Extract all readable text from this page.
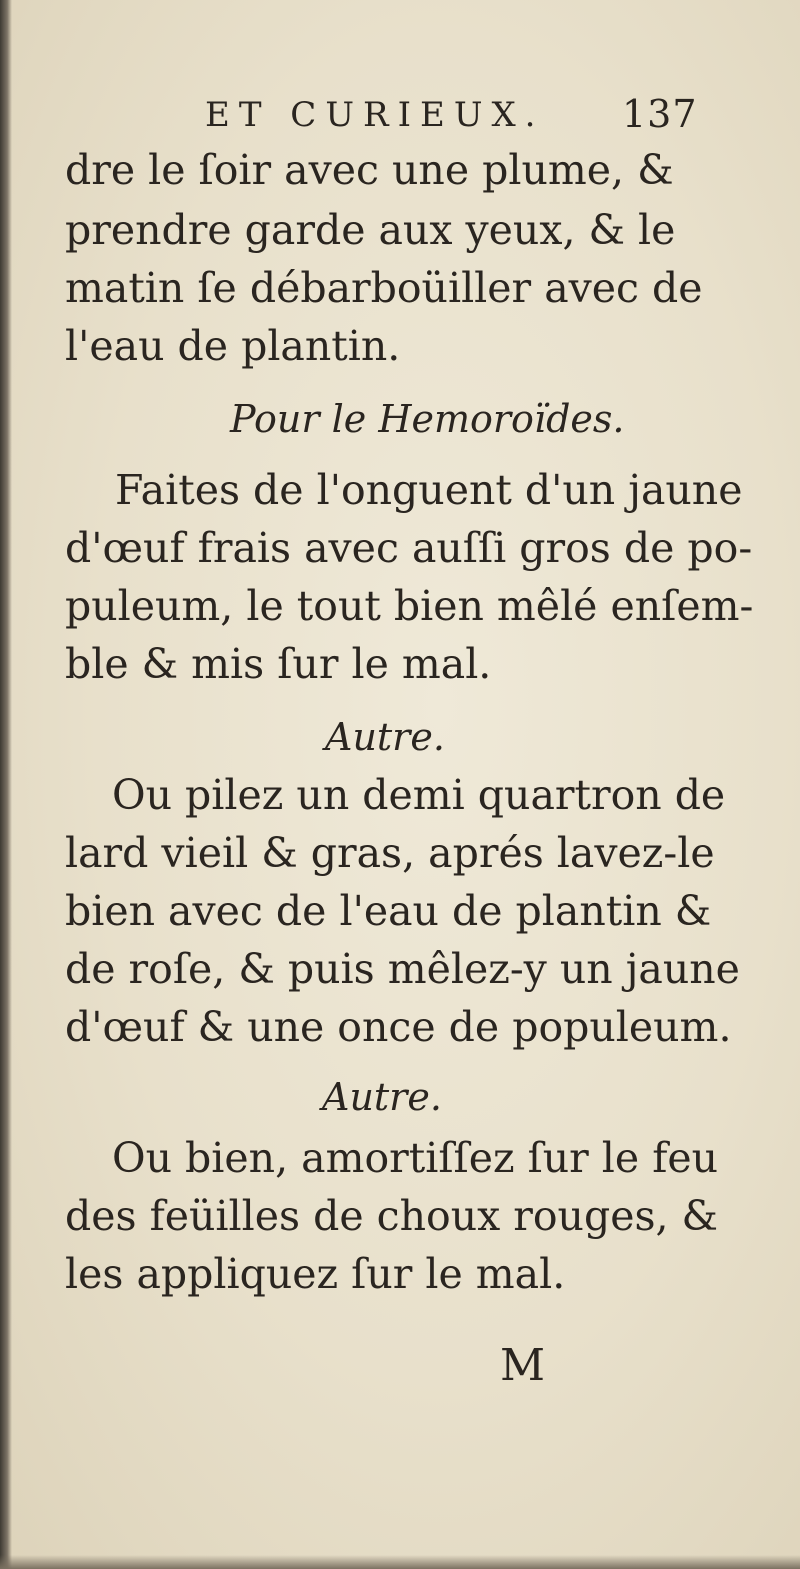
ET CURIEUX. 137
dre le ſoir avec une plume, &
prendre garde aux yeux, & le
matin ſe débarboüiller avec de
l'eau de plantin.
Pour le Hemoroïdes.
Faites de l'onguent d'un jaune
d'œuf frais avec auſſi gros de po-
puleum, le tout bien mêlé enſem-
ble & mis ſur le mal.
Autre.
Ou pilez un demi quartron de
lard vieil & gras, aprés lavez-le
bien avec de l'eau de plantin &
de roſe, & puis mêlez-y un jaune
d'œuf & une once de populeum.
Autre.
Ou bien, amortiſſez ſur le feu
des feüilles de choux rouges, &
les appliquez ſur le mal.
M
